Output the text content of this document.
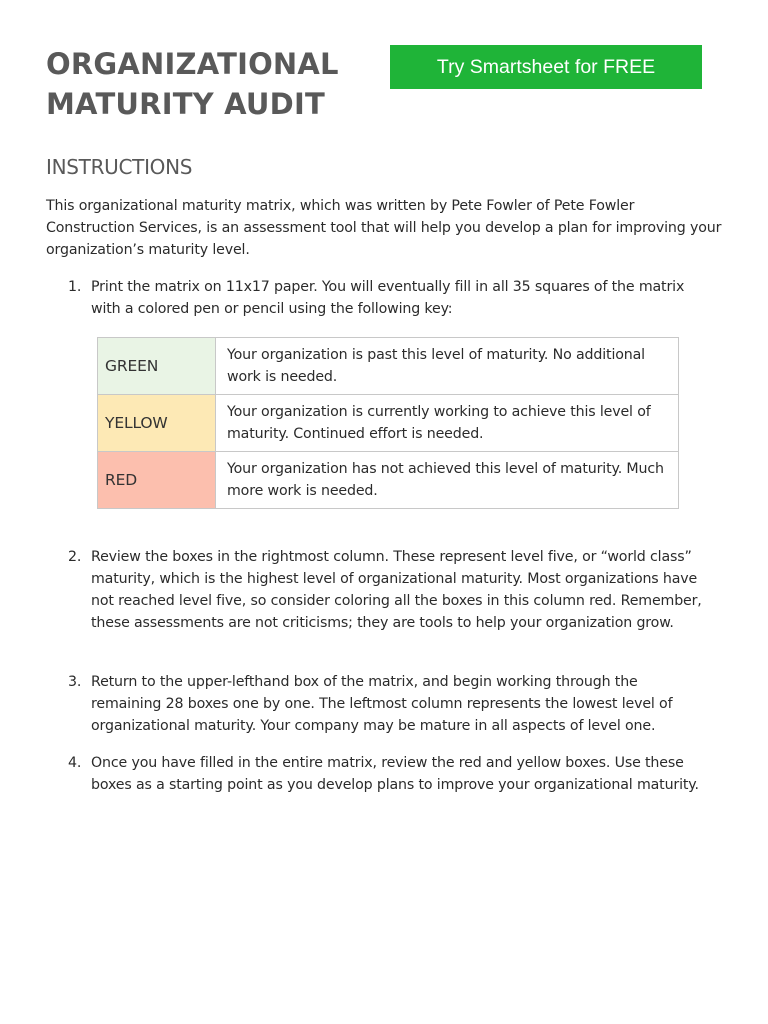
ORGANIZATIONAL
MATURITY AUDIT
Try Smartsheet for FREE
INSTRUCTIONS

This organizational maturity matrix, which was written by Pete Fowler of Pete Fowler Construction Services, is an assessment tool that will help you develop a plan for improving your organization’s maturity level.

1. Print the matrix on 11x17 paper. You will eventually fill in all 35 squares of the matrix with a colored pen or pencil using the following key:
GREEN	Your organization is past this level of maturity. No additional work is needed.
YELLOW	Your organization is currently working to achieve this level of maturity. Continued effort is needed.
RED	Your organization has not achieved this level of maturity. Much more work is needed.
2. Review the boxes in the rightmost column. These represent level five, or “world class” maturity, which is the highest level of organizational maturity. Most organizations have not reached level five, so consider coloring all the boxes in this column red. Remember, these assessments are not criticisms; they are tools to help your organization grow.
3. Return to the upper-lefthand box of the matrix, and begin working through the remaining 28 boxes one by one. The leftmost column represents the lowest level of organizational maturity. Your company may be mature in all aspects of level one.
4. Once you have filled in the entire matrix, review the red and yellow boxes. Use these boxes as a starting point as you develop plans to improve your organizational maturity.
